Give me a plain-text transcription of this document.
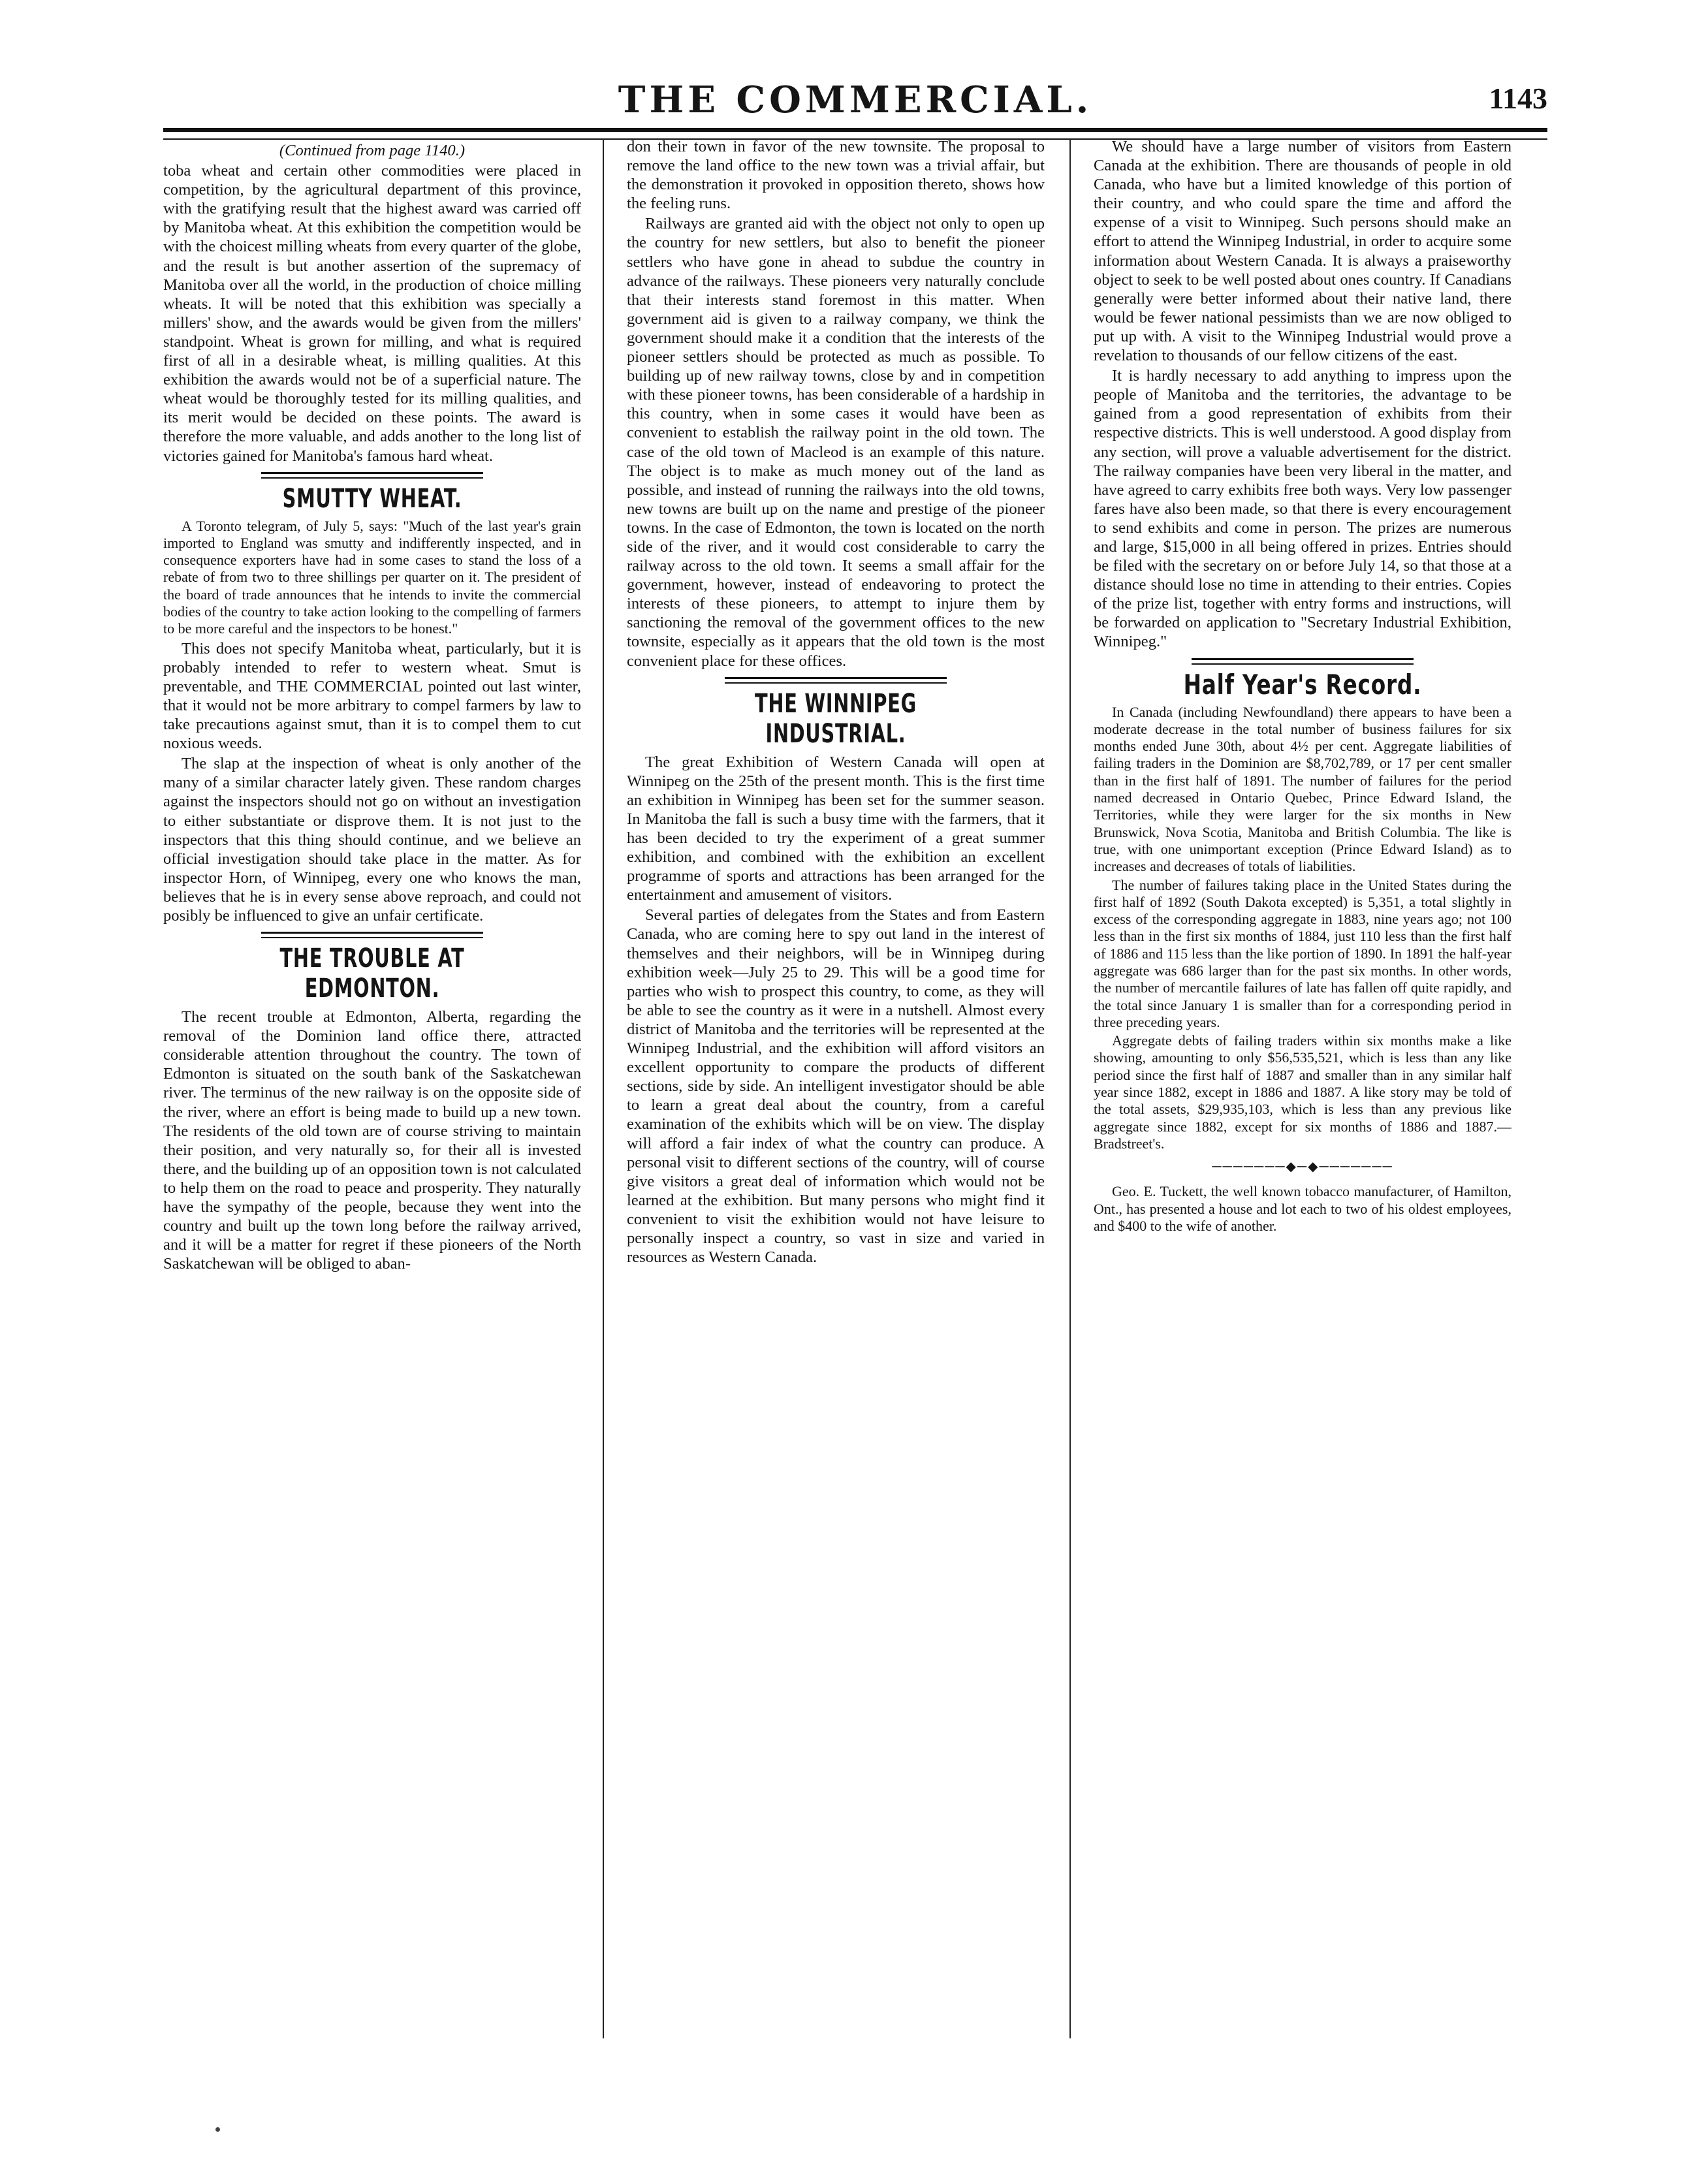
THE COMMERCIAL.	1143

(Continued from page 1140.)

toba wheat and certain other commodities were placed in competition, by the agricultural department of this province, with the gratifying result that the highest award was carried off by Manitoba wheat. At this exhibition the competition would be with the choicest milling wheats from every quarter of the globe, and the result is but another assertion of the supremacy of Manitoba over all the world, in the production of choice milling wheats. It will be noted that this exhibition was specially a millers' show, and the awards would be given from the millers' standpoint. Wheat is grown for milling, and what is required first of all in a desirable wheat, is milling qualities. At this exhibition the awards would not be of a superficial nature. The wheat would be thoroughly tested for its milling qualities, and its merit would be decided on these points. The award is therefore the more valuable, and adds another to the long list of victories gained for Manitoba's famous hard wheat.

SMUTTY WHEAT.

A Toronto telegram, of July 5, says: "Much of the last year's grain imported to England was smutty and indifferently inspected, and in consequence exporters have had in some cases to stand the loss of a rebate of from two to three shillings per quarter on it. The president of the board of trade announces that he intends to invite the commercial bodies of the country to take action looking to the compelling of farmers to be more careful and the inspectors to be honest."

This does not specify Manitoba wheat, particularly, but it is probably intended to refer to western wheat. Smut is preventable, and THE COMMERCIAL pointed out last winter, that it would not be more arbitrary to compel farmers by law to take precautions against smut, than it is to compel them to cut noxious weeds.

The slap at the inspection of wheat is only another of the many of a similar character lately given. These random charges against the inspectors should not go on without an investigation to either substantiate or disprove them. It is not just to the inspectors that this thing should continue, and we believe an official investigation should take place in the matter. As for inspector Horn, of Winnipeg, every one who knows the man, believes that he is in every sense above reproach, and could not posibly be influenced to give an unfair certificate.

THE TROUBLE AT EDMONTON.

The recent trouble at Edmonton, Alberta, regarding the removal of the Dominion land office there, attracted considerable attention throughout the country. The town of Edmonton is situated on the south bank of the Saskatchewan river. The terminus of the new railway is on the opposite side of the river, where an effort is being made to build up a new town. The residents of the old town are of course striving to maintain their position, and very naturally so, for their all is invested there, and the building up of an opposition town is not calculated to help them on the road to peace and prosperity. They naturally have the sympathy of the people, because they went into the country and built up the town long before the railway arrived, and it will be a matter for regret if these pioneers of the North Saskatchewan will be obliged to aban-

don their town in favor of the new townsite. The proposal to remove the land office to the new town was a trivial affair, but the demonstration it provoked in opposition thereto, shows how the feeling runs.

Railways are granted aid with the object not only to open up the country for new settlers, but also to benefit the pioneer settlers who have gone in ahead to subdue the country in advance of the railways. These pioneers very naturally conclude that their interests stand foremost in this matter. When government aid is given to a railway company, we think the government should make it a condition that the interests of the pioneer settlers should be protected as much as possible. To building up of new railway towns, close by and in competition with these pioneer towns, has been considerable of a hardship in this country, when in some cases it would have been as convenient to establish the railway point in the old town. The case of the old town of Macleod is an example of this nature. The object is to make as much money out of the land as possible, and instead of running the railways into the old towns, new towns are built up on the name and prestige of the pioneer towns. In the case of Edmonton, the town is located on the north side of the river, and it would cost considerable to carry the railway across to the old town. It seems a small affair for the government, however, instead of endeavoring to protect the interests of these pioneers, to attempt to injure them by sanctioning the removal of the government offices to the new townsite, especially as it appears that the old town is the most convenient place for these offices.

THE WINNIPEG INDUSTRIAL.

The great Exhibition of Western Canada will open at Winnipeg on the 25th of the present month. This is the first time an exhibition in Winnipeg has been set for the summer season. In Manitoba the fall is such a busy time with the farmers, that it has been decided to try the experiment of a great summer exhibition, and combined with the exhibition an excellent programme of sports and attractions has been arranged for the entertainment and amusement of visitors.

Several parties of delegates from the States and from Eastern Canada, who are coming here to spy out land in the interest of themselves and their neighbors, will be in Winnipeg during exhibition week—July 25 to 29. This will be a good time for parties who wish to prospect this country, to come, as they will be able to see the country as it were in a nutshell. Almost every district of Manitoba and the territories will be represented at the Winnipeg Industrial, and the exhibition will afford visitors an excellent opportunity to compare the products of different sections, side by side. An intelligent investigator should be able to learn a great deal about the country, from a careful examination of the exhibits which will be on view. The display will afford a fair index of what the country can produce. A personal visit to different sections of the country, will of course give visitors a great deal of information which would not be learned at the exhibition. But many persons who might find it convenient to visit the exhibition would not have leisure to personally inspect a country, so vast in size and varied in resources as Western Canada.

We should have a large number of visitors from Eastern Canada at the exhibition. There are thousands of people in old Canada, who have but a limited knowledge of this portion of their country, and who could spare the time and afford the expense of a visit to Winnipeg. Such persons should make an effort to attend the Winnipeg Industrial, in order to acquire some information about Western Canada. It is always a praiseworthy object to seek to be well posted about ones country. If Canadians generally were better informed about their native land, there would be fewer national pessimists than we are now obliged to put up with. A visit to the Winnipeg Industrial would prove a revelation to thousands of our fellow citizens of the east.

It is hardly necessary to add anything to impress upon the people of Manitoba and the territories, the advantage to be gained from a good representation of exhibits from their respective districts. This is well understood. A good display from any section, will prove a valuable advertisement for the district. The railway companies have been very liberal in the matter, and have agreed to carry exhibits free both ways. Very low passenger fares have also been made, so that there is every encouragement to send exhibits and come in person. The prizes are numerous and large, $15,000 in all being offered in prizes. Entries should be filed with the secretary on or before July 14, so that those at a distance should lose no time in attending to their entries. Copies of the prize list, together with entry forms and instructions, will be forwarded on application to "Secretary Industrial Exhibition, Winnipeg."

Half Year's Record.

In Canada (including Newfoundland) there appears to have been a moderate decrease in the total number of business failures for six months ended June 30th, about 4½ per cent. Aggregate liabilities of failing traders in the Dominion are $8,702,789, or 17 per cent smaller than in the first half of 1891. The number of failures for the period named decreased in Ontario Quebec, Prince Edward Island, the Territories, while they were larger for the six months in New Brunswick, Nova Scotia, Manitoba and British Columbia. The like is true, with one unimportant exception (Prince Edward Island) as to increases and decreases of totals of liabilities.

The number of failures taking place in the United States during the first half of 1892 (South Dakota excepted) is 5,351, a total slightly in excess of the corresponding aggregate in 1883, nine years ago; not 100 less than in the first six months of 1884, just 110 less than the first half of 1886 and 115 less than the like portion of 1890. In 1891 the half-year aggregate was 686 larger than for the past six months. In other words, the number of mercantile failures of late has fallen off quite rapidly, and the total since January 1 is smaller than for a corresponding period in three preceding years.

Aggregate debts of failing traders within six months make a like showing, amounting to only $56,535,521, which is less than any like period since the first half of 1887 and smaller than in any similar half year since 1882, except in 1886 and 1887. A like story may be told of the total assets, $29,935,103, which is less than any previous like aggregate since 1882, except for six months of 1886 and 1887.—Bradstreet's.

───────◆─◆───────

Geo. E. Tuckett, the well known tobacco manufacturer, of Hamilton, Ont., has presented a house and lot each to two of his oldest employees, and $400 to the wife of another.
